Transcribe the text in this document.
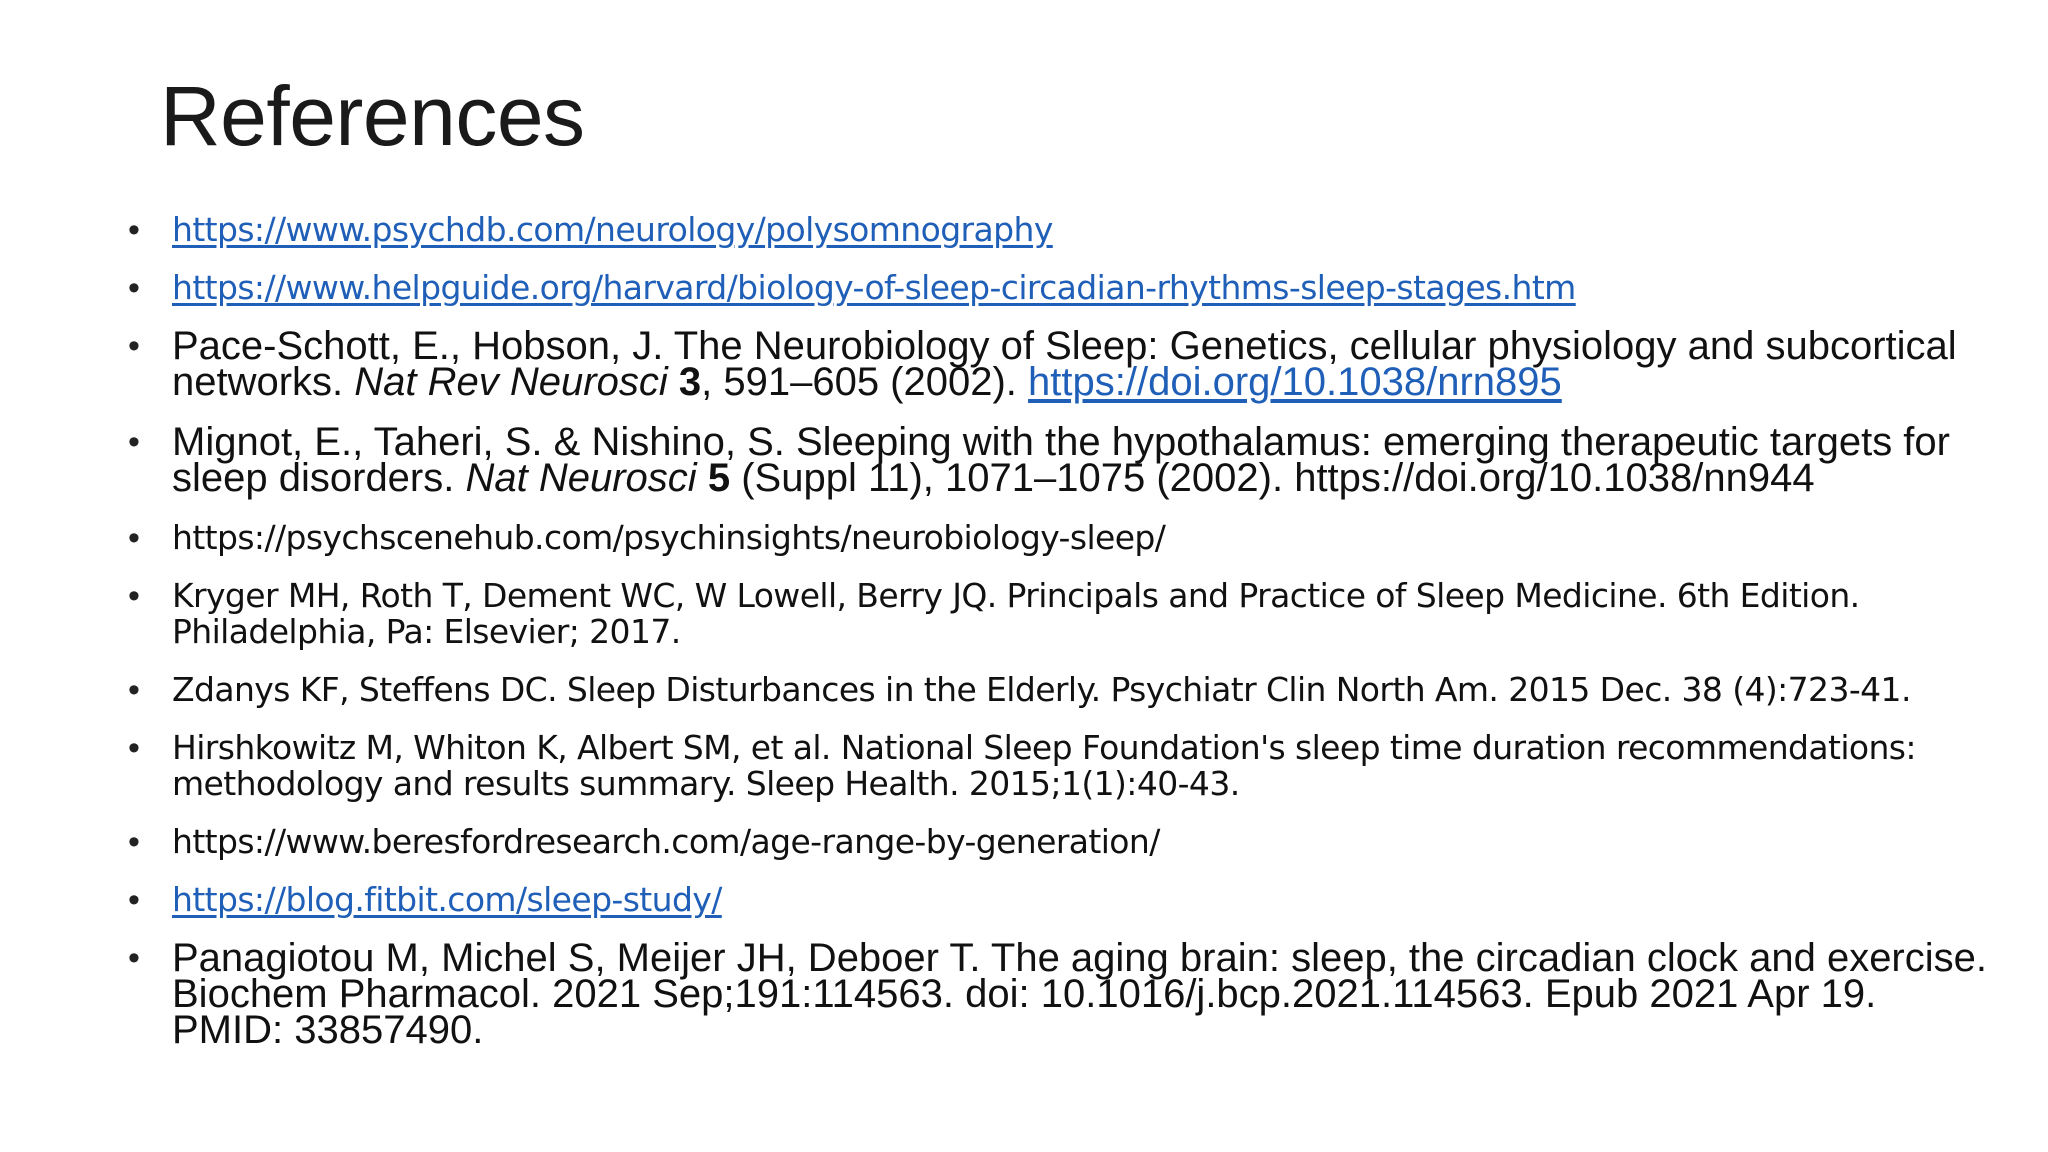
References
• https://www.psychdb.com/neurology/polysomnography
• https://www.helpguide.org/harvard/biology-of-sleep-circadian-rhythms-sleep-stages.htm
• Pace-Schott, E., Hobson, J. The Neurobiology of Sleep: Genetics, cellular physiology and subcortical networks. Nat Rev Neurosci 3, 591–605 (2002). https://doi.org/10.1038/nrn895
• Mignot, E., Taheri, S. & Nishino, S. Sleeping with the hypothalamus: emerging therapeutic targets for sleep disorders. Nat Neurosci 5 (Suppl 11), 1071–1075 (2002). https://doi.org/10.1038/nn944
• https://psychscenehub.com/psychinsights/neurobiology-sleep/
• Kryger MH, Roth T, Dement WC, W Lowell, Berry JQ. Principals and Practice of Sleep Medicine. 6th Edition. Philadelphia, Pa: Elsevier; 2017.
• Zdanys KF, Steffens DC. Sleep Disturbances in the Elderly. Psychiatr Clin North Am. 2015 Dec. 38 (4):723-41.
• Hirshkowitz M, Whiton K, Albert SM, et al. National Sleep Foundation's sleep time duration recommendations: methodology and results summary. Sleep Health. 2015;1(1):40-43.
• https://www.beresfordresearch.com/age-range-by-generation/
• https://blog.fitbit.com/sleep-study/
• Panagiotou M, Michel S, Meijer JH, Deboer T. The aging brain: sleep, the circadian clock and exercise. Biochem Pharmacol. 2021 Sep;191:114563. doi: 10.1016/j.bcp.2021.114563. Epub 2021 Apr 19. PMID: 33857490.
